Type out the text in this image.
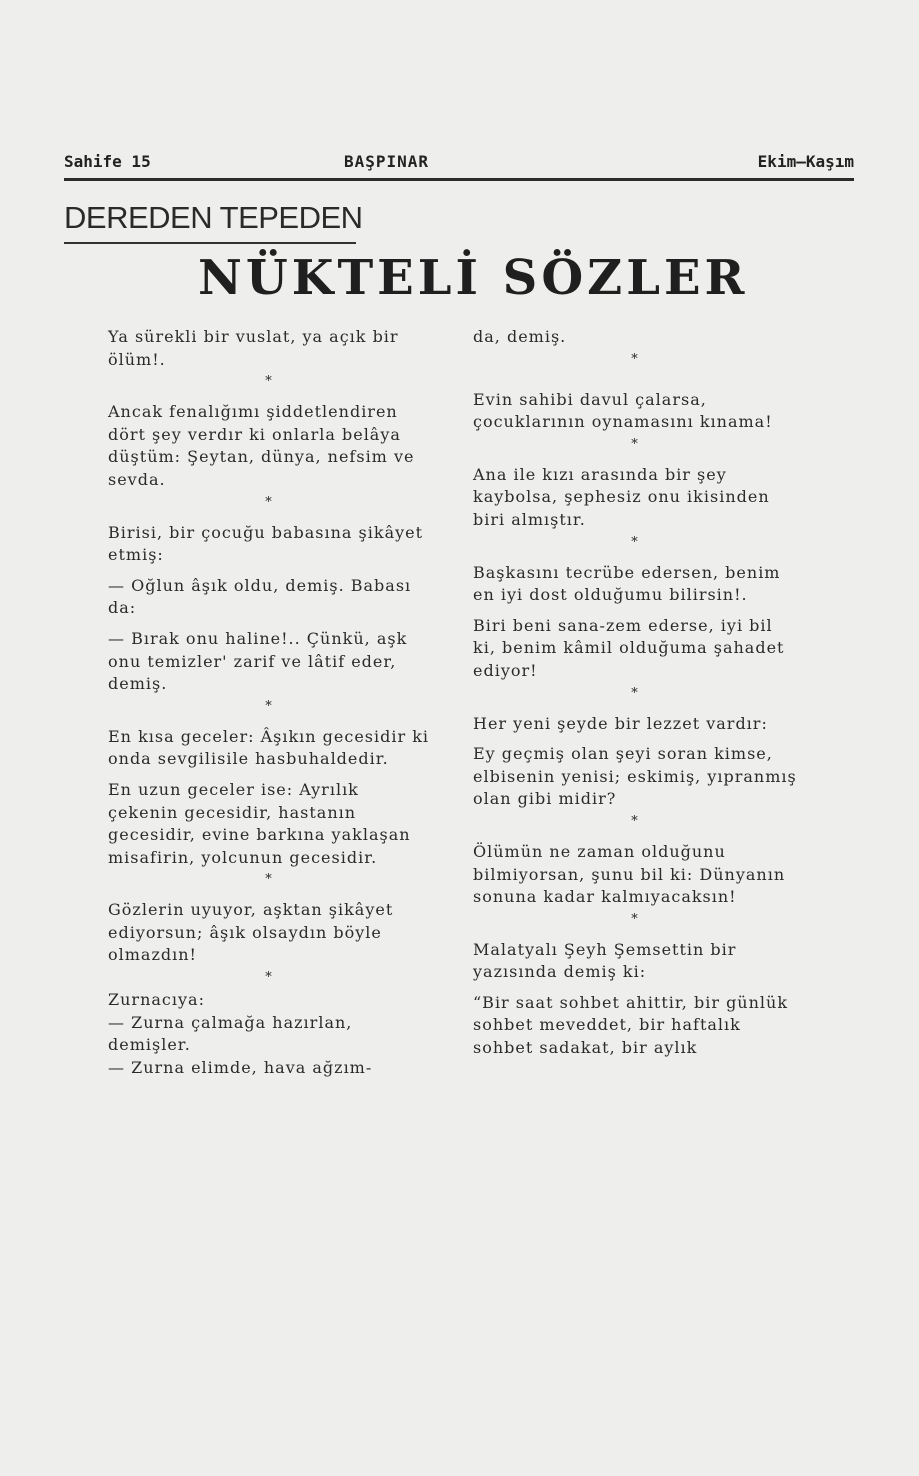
Sahife 15	BAŞPINAR	Ekim—Kaşım
DEREDEN TEPEDEN
NÜKTELİ SÖZLER

Ya sürekli bir vuslat, ya açık bir ölüm!.

*

Ancak fenalığımı şiddetlendiren dört şey verdır ki onlarla belâya düştüm: Şeytan, dünya, nefsim ve sevda.

*

Birisi, bir çocuğu babasına şikâyet etmiş:

— Oğlun âşık oldu, demiş. Babası da:

— Bırak onu haline!.. Çünkü, aşk onu temizler' zarif ve lâtif eder, demiş.

*

En kısa geceler: Âşıkın gecesidir ki onda sevgilisile hasbuhaldedir.

En uzun geceler ise: Ayrılık çekenin gecesidir, hastanın gecesidir, evine barkına yaklaşan misafirin, yolcunun gecesidir.

*

Gözlerin uyuyor, aşktan şikâyet ediyorsun; âşık olsaydın böyle olmazdın!

*

Zurnacıya:

— Zurna çalmağa hazırlan, demişler.

— Zurna elimde, hava ağzım-

da, demiş.

*

Evin sahibi davul çalarsa, çocuklarının oynamasını kınama!

*

Ana ile kızı arasında bir şey kaybolsa, şephesiz onu ikisinden biri almıştır.

*

Başkasını tecrübe edersen, benim en iyi dost olduğumu bilirsin!.

Biri beni sana-zem ederse, iyi bil ki, benim kâmil olduğuma şahadet ediyor!

*

Her yeni şeyde bir lezzet vardır:

Ey geçmiş olan şeyi soran kimse, elbisenin yenisi; eskimiş, yıpranmış olan gibi midir?

*

Ölümün ne zaman olduğunu bilmiyorsan, şunu bil ki: Dünyanın sonuna kadar kalmıyacaksın!

*

Malatyalı Şeyh Şemsettin bir yazısında demiş ki:

“Bir saat sohbet ahittir, bir günlük sohbet meveddet, bir haftalık sohbet sadakat, bir aylık
